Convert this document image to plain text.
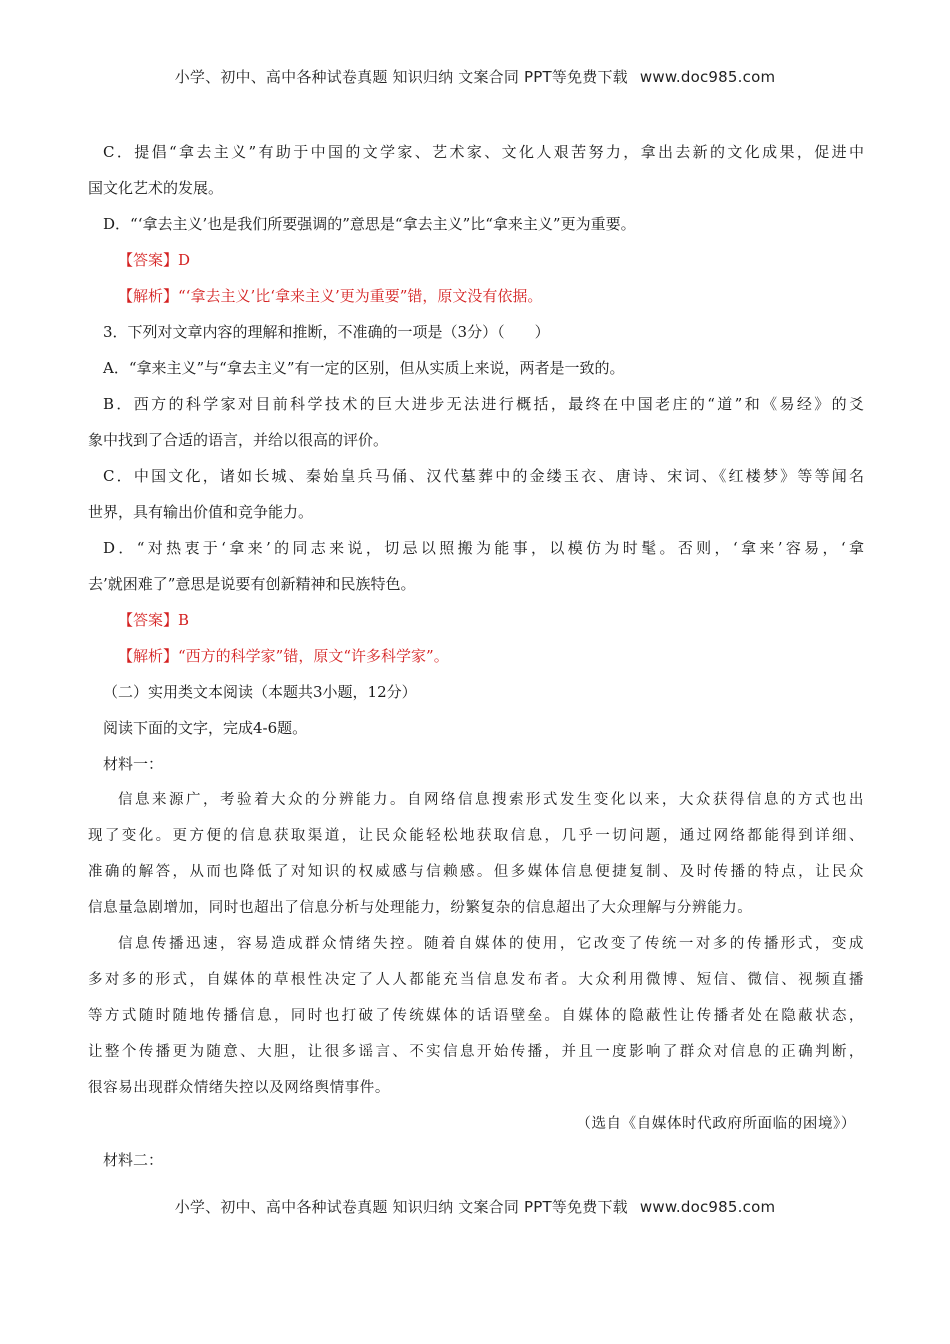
小学、初中、高中各种试卷真题 知识归纳 文案合同 PPT等免费下载 www.doc985.com
C．提倡“拿去主义”有助于中国的文学家、艺术家、文化人艰苦努力，拿出去新的文化成果，促进中
国文化艺术的发展。
D．“‘拿去主义’也是我们所要强调的”意思是“拿去主义”比“拿来主义”更为重要。
【答案】D
【解析】“‘拿去主义’比‘拿来主义’更为重要”错，原文没有依据。
3．下列对文章内容的理解和推断，不准确的一项是（3分）（　　）
A．“拿来主义”与“拿去主义”有一定的区别，但从实质上来说，两者是一致的。
B．西方的科学家对目前科学技术的巨大进步无法进行概括，最终在中国老庄的“道”和《易经》的爻
象中找到了合适的语言，并给以很高的评价。
C．中国文化，诸如长城、秦始皇兵马俑、汉代墓葬中的金缕玉衣、唐诗、宋词、《红楼梦》等等闻名
世界，具有输出价值和竞争能力。
D．“对热衷于‘拿来’的同志来说，切忌以照搬为能事，以模仿为时髦。否则，‘拿来’容易，‘拿
去’就困难了”意思是说要有创新精神和民族特色。
【答案】B
【解析】“西方的科学家”错，原文“许多科学家”。
（二）实用类文本阅读（本题共3小题，12分）
阅读下面的文字，完成4-6题。
材料一：
信息来源广，考验着大众的分辨能力。自网络信息搜索形式发生变化以来，大众获得信息的方式也出
现了变化。更方便的信息获取渠道，让民众能轻松地获取信息，几乎一切问题，通过网络都能得到详细、
准确的解答，从而也降低了对知识的权威感与信赖感。但多媒体信息便捷复制、及时传播的特点，让民众
信息量急剧增加，同时也超出了信息分析与处理能力，纷繁复杂的信息超出了大众理解与分辨能力。
信息传播迅速，容易造成群众情绪失控。随着自媒体的使用，它改变了传统一对多的传播形式，变成
多对多的形式，自媒体的草根性决定了人人都能充当信息发布者。大众利用微博、短信、微信、视频直播
等方式随时随地传播信息，同时也打破了传统媒体的话语壁垒。自媒体的隐蔽性让传播者处在隐蔽状态，
让整个传播更为随意、大胆，让很多谣言、不实信息开始传播，并且一度影响了群众对信息的正确判断，
很容易出现群众情绪失控以及网络舆情事件。
（选自《自媒体时代政府所面临的困境》）
材料二：
小学、初中、高中各种试卷真题 知识归纳 文案合同 PPT等免费下载 www.doc985.com
